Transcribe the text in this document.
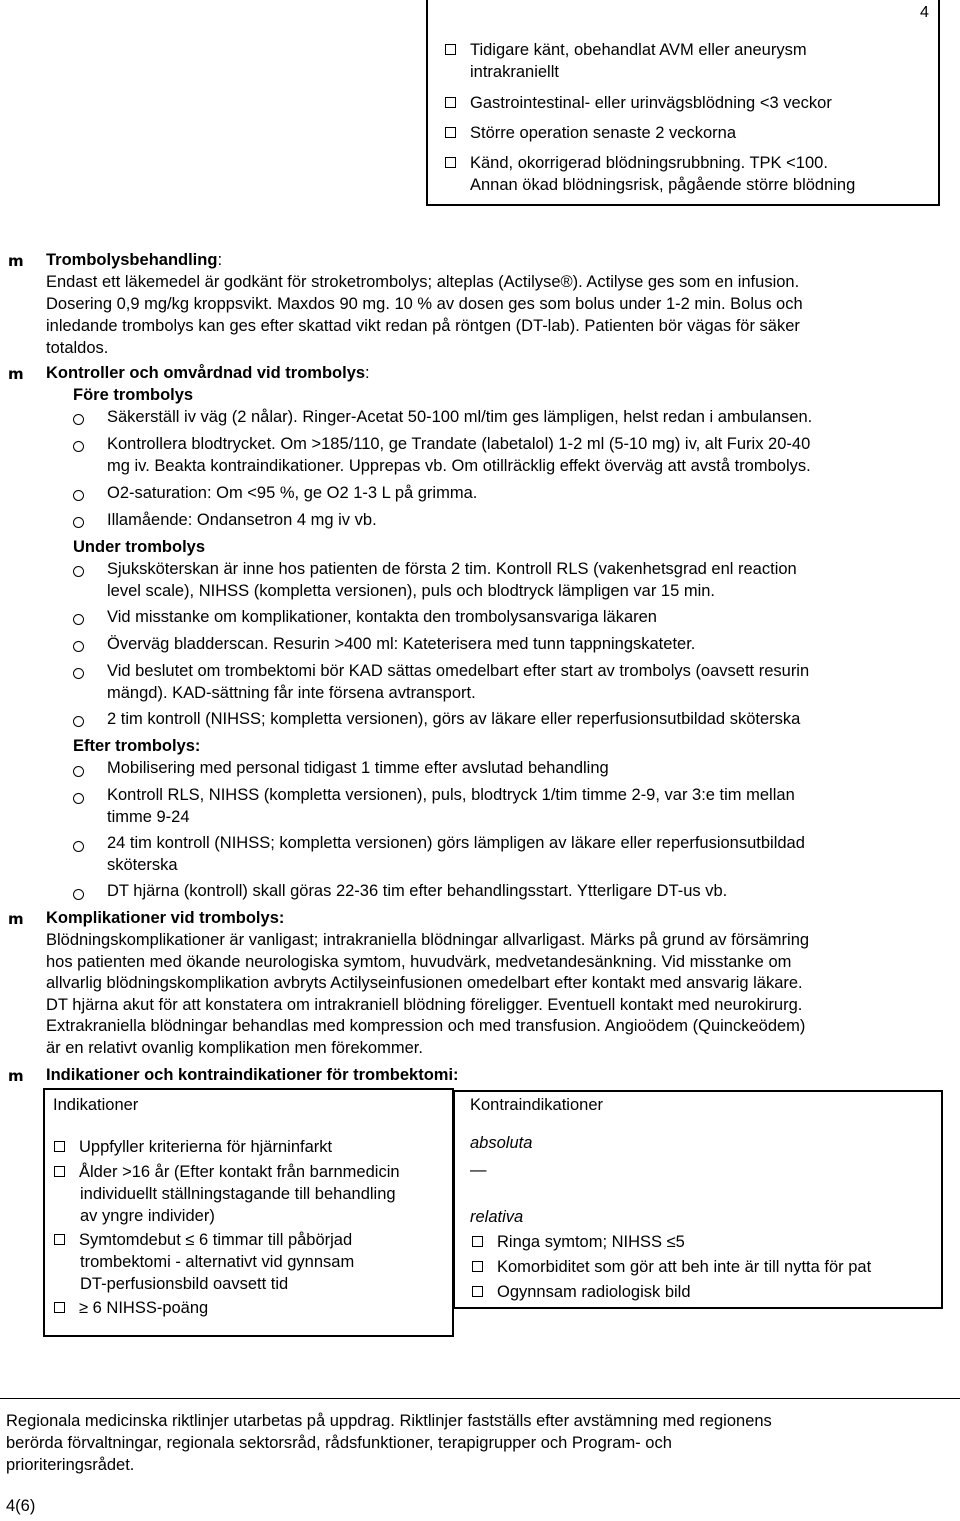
4
Tidigare känt, obehandlat AVM eller aneurysm
intrakraniellt
Gastrointestinal- eller urinvägsblödning <3 veckor
Större operation senaste 2 veckorna
Känd, okorrigerad blödningsrubbning. TPK <100.
Annan ökad blödningsrisk, pågående större blödning
m
Trombolysbehandling:
Endast ett läkemedel är godkänt för stroketrombolys; alteplas (Actilyse®). Actilyse ges som en infusion.
Dosering 0,9 mg/kg kroppsvikt. Maxdos 90 mg. 10 % av dosen ges som bolus under 1-2 min. Bolus och
inledande trombolys kan ges efter skattad vikt redan på röntgen (DT-lab). Patienten bör vägas för säker
totaldos.
m
Kontroller och omvårdnad vid trombolys:
Före trombolys
Säkerställ iv väg (2 nålar). Ringer-Acetat 50-100 ml/tim ges lämpligen, helst redan i ambulansen.
Kontrollera blodtrycket. Om >185/110, ge Trandate (labetalol) 1-2 ml (5-10 mg) iv, alt Furix 20-40
mg iv. Beakta kontraindikationer. Upprepas vb. Om otillräcklig effekt överväg att avstå trombolys.
O2-saturation: Om <95 %, ge O2 1-3 L på grimma.
Illamående: Ondansetron 4 mg iv vb.
Under trombolys
Sjuksköterskan är inne hos patienten de första 2 tim. Kontroll RLS (vakenhetsgrad enl reaction
level scale), NIHSS (kompletta versionen), puls och blodtryck lämpligen var 15 min.
Vid misstanke om komplikationer, kontakta den trombolysansvariga läkaren
Överväg bladderscan. Resurin >400 ml: Kateterisera med tunn tappningskateter.
Vid beslutet om trombektomi bör KAD sättas omedelbart efter start av trombolys (oavsett resurin
mängd). KAD-sättning får inte försena avtransport.
2 tim kontroll (NIHSS; kompletta versionen), görs av läkare eller reperfusionsutbildad sköterska
Efter trombolys:
Mobilisering med personal tidigast 1 timme efter avslutad behandling
Kontroll RLS, NIHSS (kompletta versionen), puls, blodtryck 1/tim timme 2-9, var 3:e tim mellan
timme 9-24
24 tim kontroll (NIHSS; kompletta versionen) görs lämpligen av läkare eller reperfusionsutbildad
sköterska
DT hjärna (kontroll) skall göras 22-36 tim efter behandlingsstart. Ytterligare DT-us vb.
m
Komplikationer vid trombolys:
Blödningskomplikationer är vanligast; intrakraniella blödningar allvarligast. Märks på grund av försämring
hos patienten med ökande neurologiska symtom, huvudvärk, medvetandesänkning. Vid misstanke om
allvarlig blödningskomplikation avbryts Actilyseinfusionen omedelbart efter kontakt med ansvarig läkare.
DT hjärna akut för att konstatera om intrakraniell blödning föreligger. Eventuell kontakt med neurokirurg.
Extrakraniella blödningar behandlas med kompression och med transfusion. Angioödem (Quinckeödem)
är en relativt ovanlig komplikation men förekommer.
m
Indikationer och kontraindikationer för trombektomi:
Indikationer
Uppfyller kriterierna för hjärninfarkt
Ålder >16 år (Efter kontakt från barnmedicin
individuellt ställningstagande till behandling
av yngre individer)
Symtomdebut ≤ 6 timmar till påbörjad
trombektomi - alternativt vid gynnsam
DT-perfusionsbild oavsett tid
≥ 6 NIHSS-poäng
Kontraindikationer
absoluta
—
relativa
Ringa symtom; NIHSS ≤5
Komorbiditet som gör att beh inte är till nytta för pat
Ogynnsam radiologisk bild
Regionala medicinska riktlinjer utarbetas på uppdrag. Riktlinjer fastställs efter avstämning med regionens
berörda förvaltningar, regionala sektorsråd, rådsfunktioner, terapigrupper och Program- och
prioriteringsrådet.
4(6)
